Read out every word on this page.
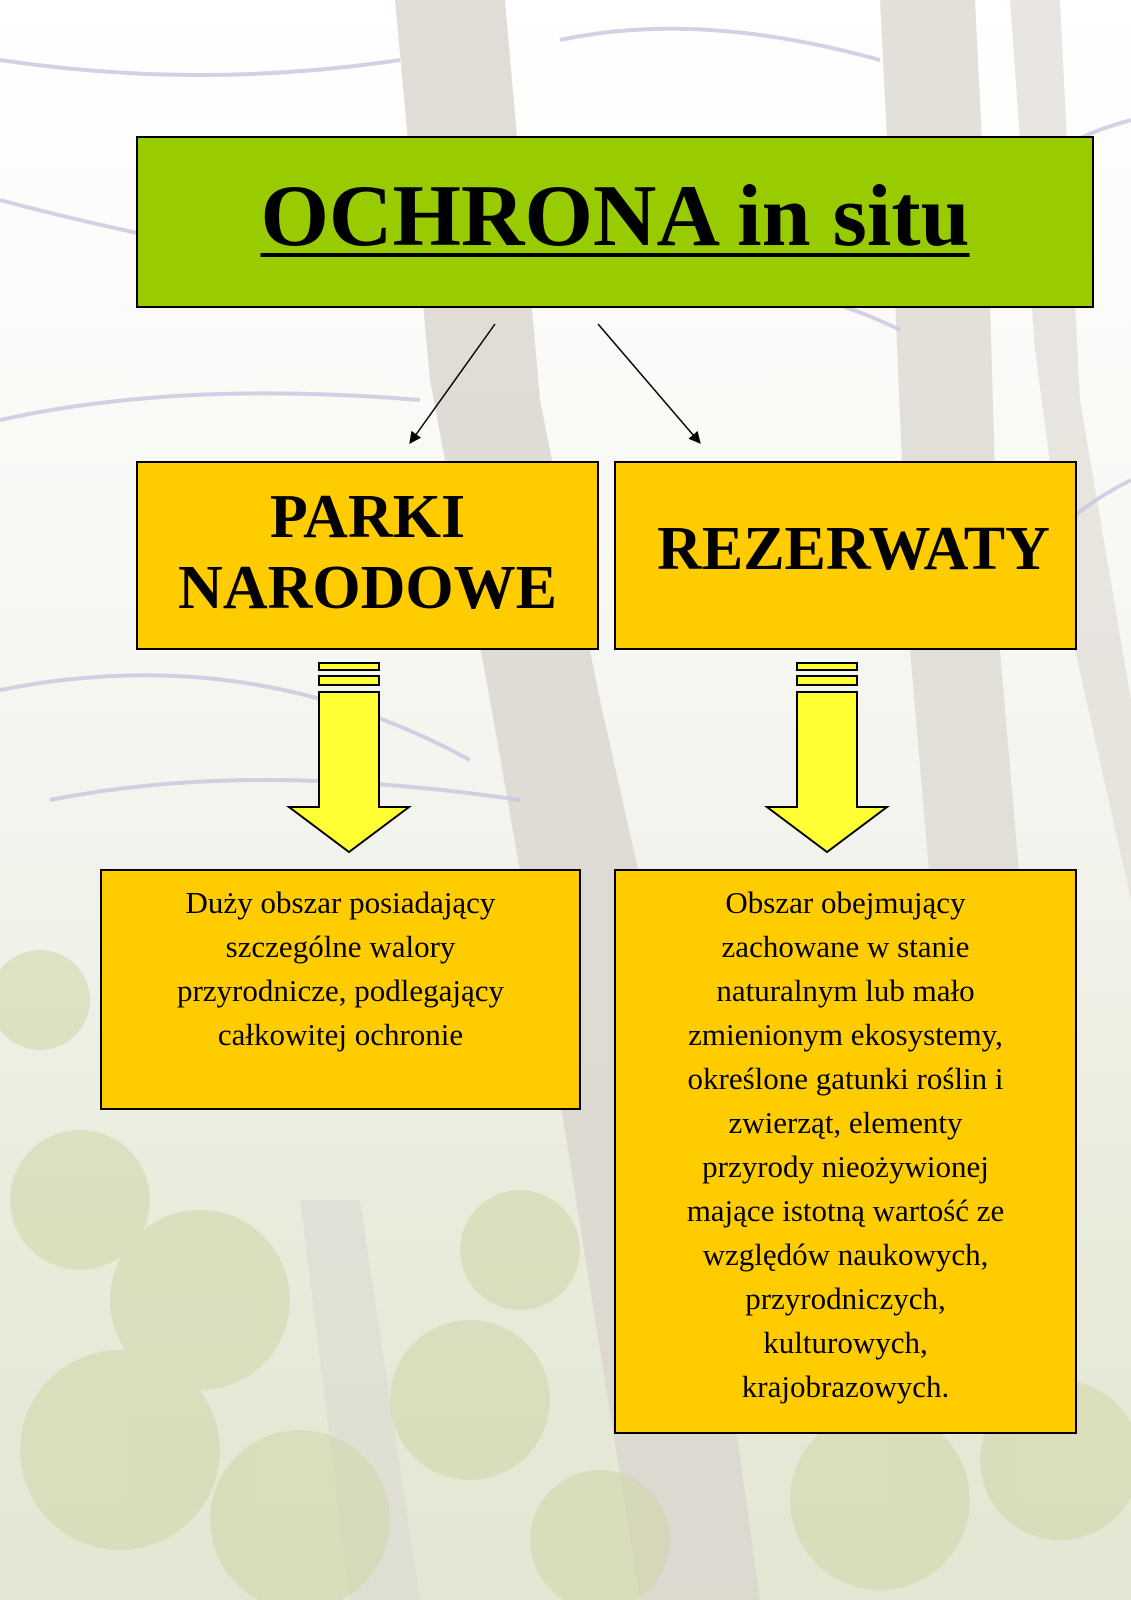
OCHRONA in situ
PARKI
NARODOWE
REZERWATY
Duży obszar posiadający
szczególne walory
przyrodnicze, podlegający
całkowitej ochronie
Obszar obejmujący
zachowane w stanie
naturalnym lub mało
zmienionym ekosystemy,
określone gatunki roślin i
zwierząt, elementy
przyrody nieożywionej
mające istotną wartość ze
względów naukowych,
przyrodniczych,
kulturowych,
krajobrazowych.
